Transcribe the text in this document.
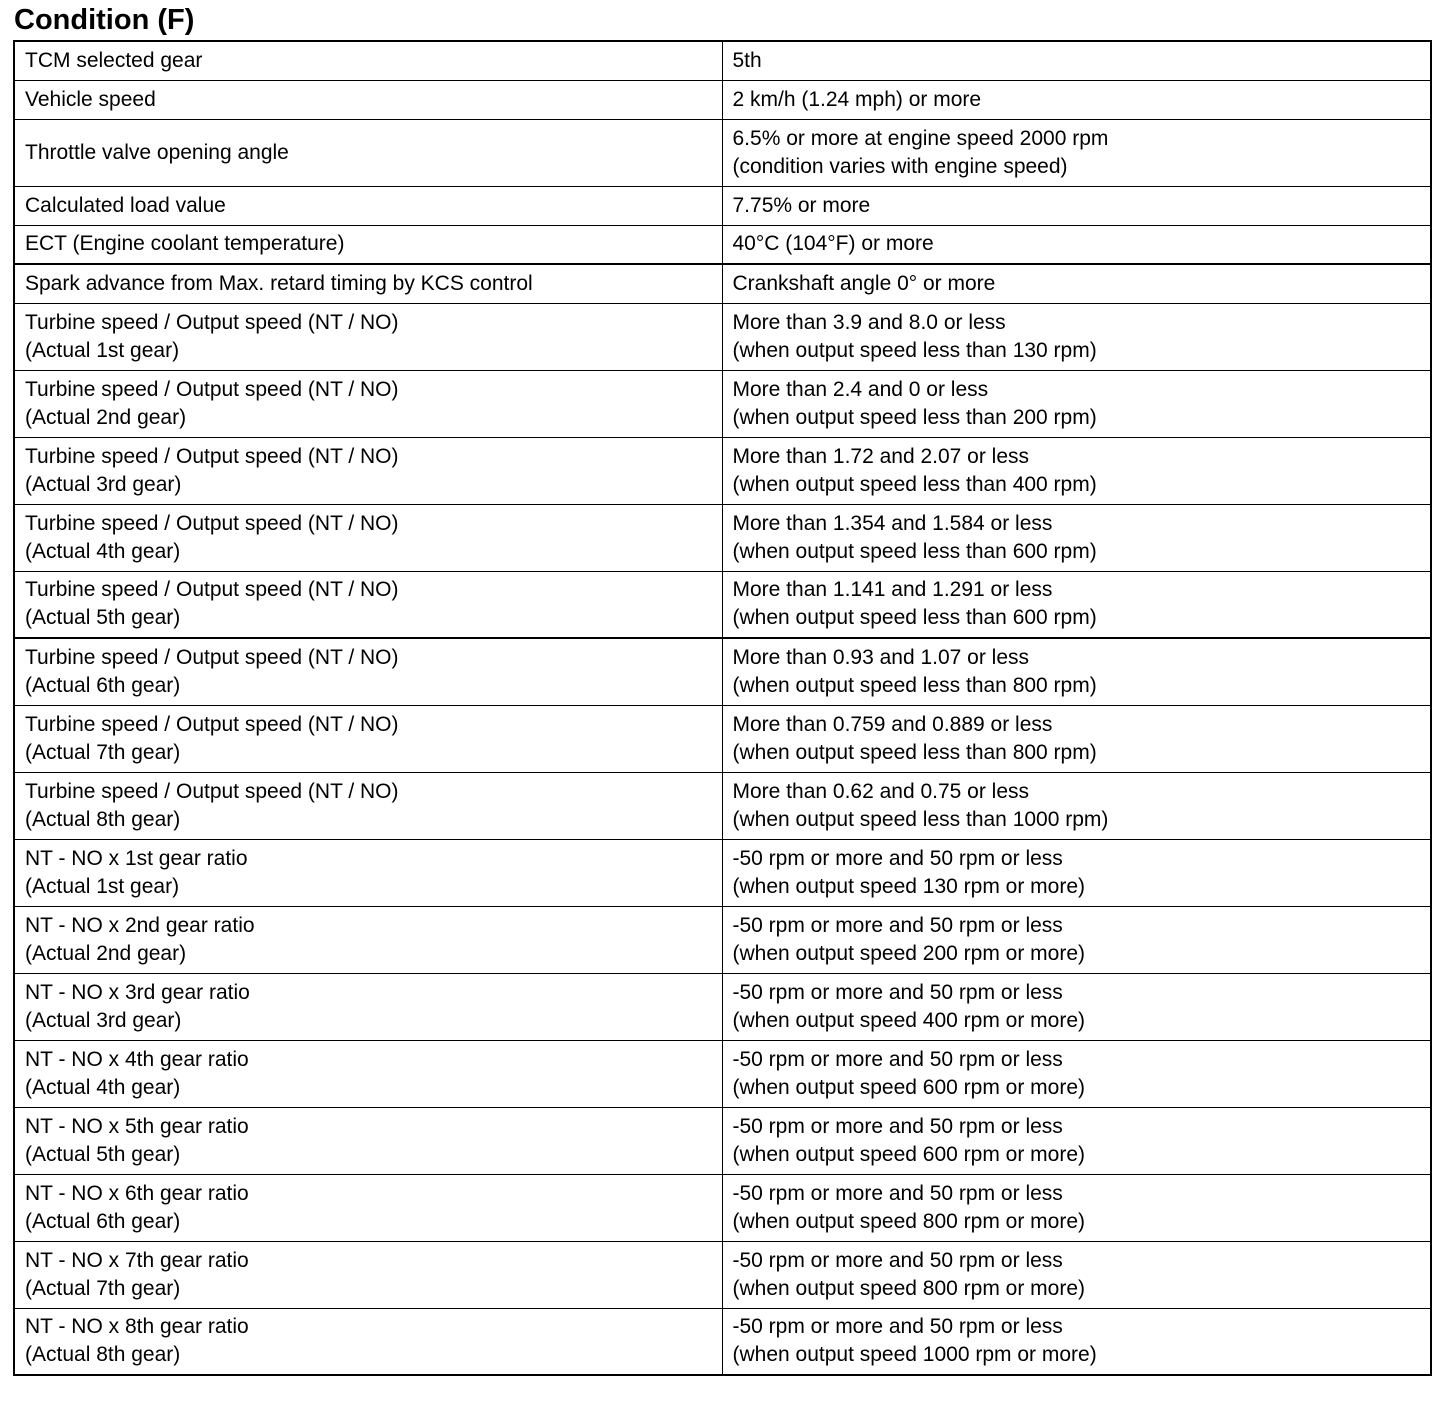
Condition (F)
TCM selected gear	5th

Vehicle speed	2 km/h (1.24 mph) or more

Throttle valve opening angle	6.5% or more at engine speed 2000 rpm
(condition varies with engine speed)

Calculated load value	7.75% or more

ECT (Engine coolant temperature)	40°C (104°F) or more

Spark advance from Max. retard timing by KCS control	Crankshaft angle 0° or more

Turbine speed / Output speed (NT / NO)
(Actual 1st gear)	More than 3.9 and 8.0 or less
(when output speed less than 130 rpm)

Turbine speed / Output speed (NT / NO)
(Actual 2nd gear)	More than 2.4 and 0 or less
(when output speed less than 200 rpm)

Turbine speed / Output speed (NT / NO)
(Actual 3rd gear)	More than 1.72 and 2.07 or less
(when output speed less than 400 rpm)

Turbine speed / Output speed (NT / NO)
(Actual 4th gear)	More than 1.354 and 1.584 or less
(when output speed less than 600 rpm)

Turbine speed / Output speed (NT / NO)
(Actual 5th gear)	More than 1.141 and 1.291 or less
(when output speed less than 600 rpm)

Turbine speed / Output speed (NT / NO)
(Actual 6th gear)	More than 0.93 and 1.07 or less
(when output speed less than 800 rpm)

Turbine speed / Output speed (NT / NO)
(Actual 7th gear)	More than 0.759 and 0.889 or less
(when output speed less than 800 rpm)

Turbine speed / Output speed (NT / NO)
(Actual 8th gear)	More than 0.62 and 0.75 or less
(when output speed less than 1000 rpm)

NT - NO x 1st gear ratio
(Actual 1st gear)	-50 rpm or more and 50 rpm or less
(when output speed 130 rpm or more)

NT - NO x 2nd gear ratio
(Actual 2nd gear)	-50 rpm or more and 50 rpm or less
(when output speed 200 rpm or more)

NT - NO x 3rd gear ratio
(Actual 3rd gear)	-50 rpm or more and 50 rpm or less
(when output speed 400 rpm or more)

NT - NO x 4th gear ratio
(Actual 4th gear)	-50 rpm or more and 50 rpm or less
(when output speed 600 rpm or more)

NT - NO x 5th gear ratio
(Actual 5th gear)	-50 rpm or more and 50 rpm or less
(when output speed 600 rpm or more)

NT - NO x 6th gear ratio
(Actual 6th gear)	-50 rpm or more and 50 rpm or less
(when output speed 800 rpm or more)

NT - NO x 7th gear ratio
(Actual 7th gear)	-50 rpm or more and 50 rpm or less
(when output speed 800 rpm or more)

NT - NO x 8th gear ratio
(Actual 8th gear)	-50 rpm or more and 50 rpm or less
(when output speed 1000 rpm or more)
